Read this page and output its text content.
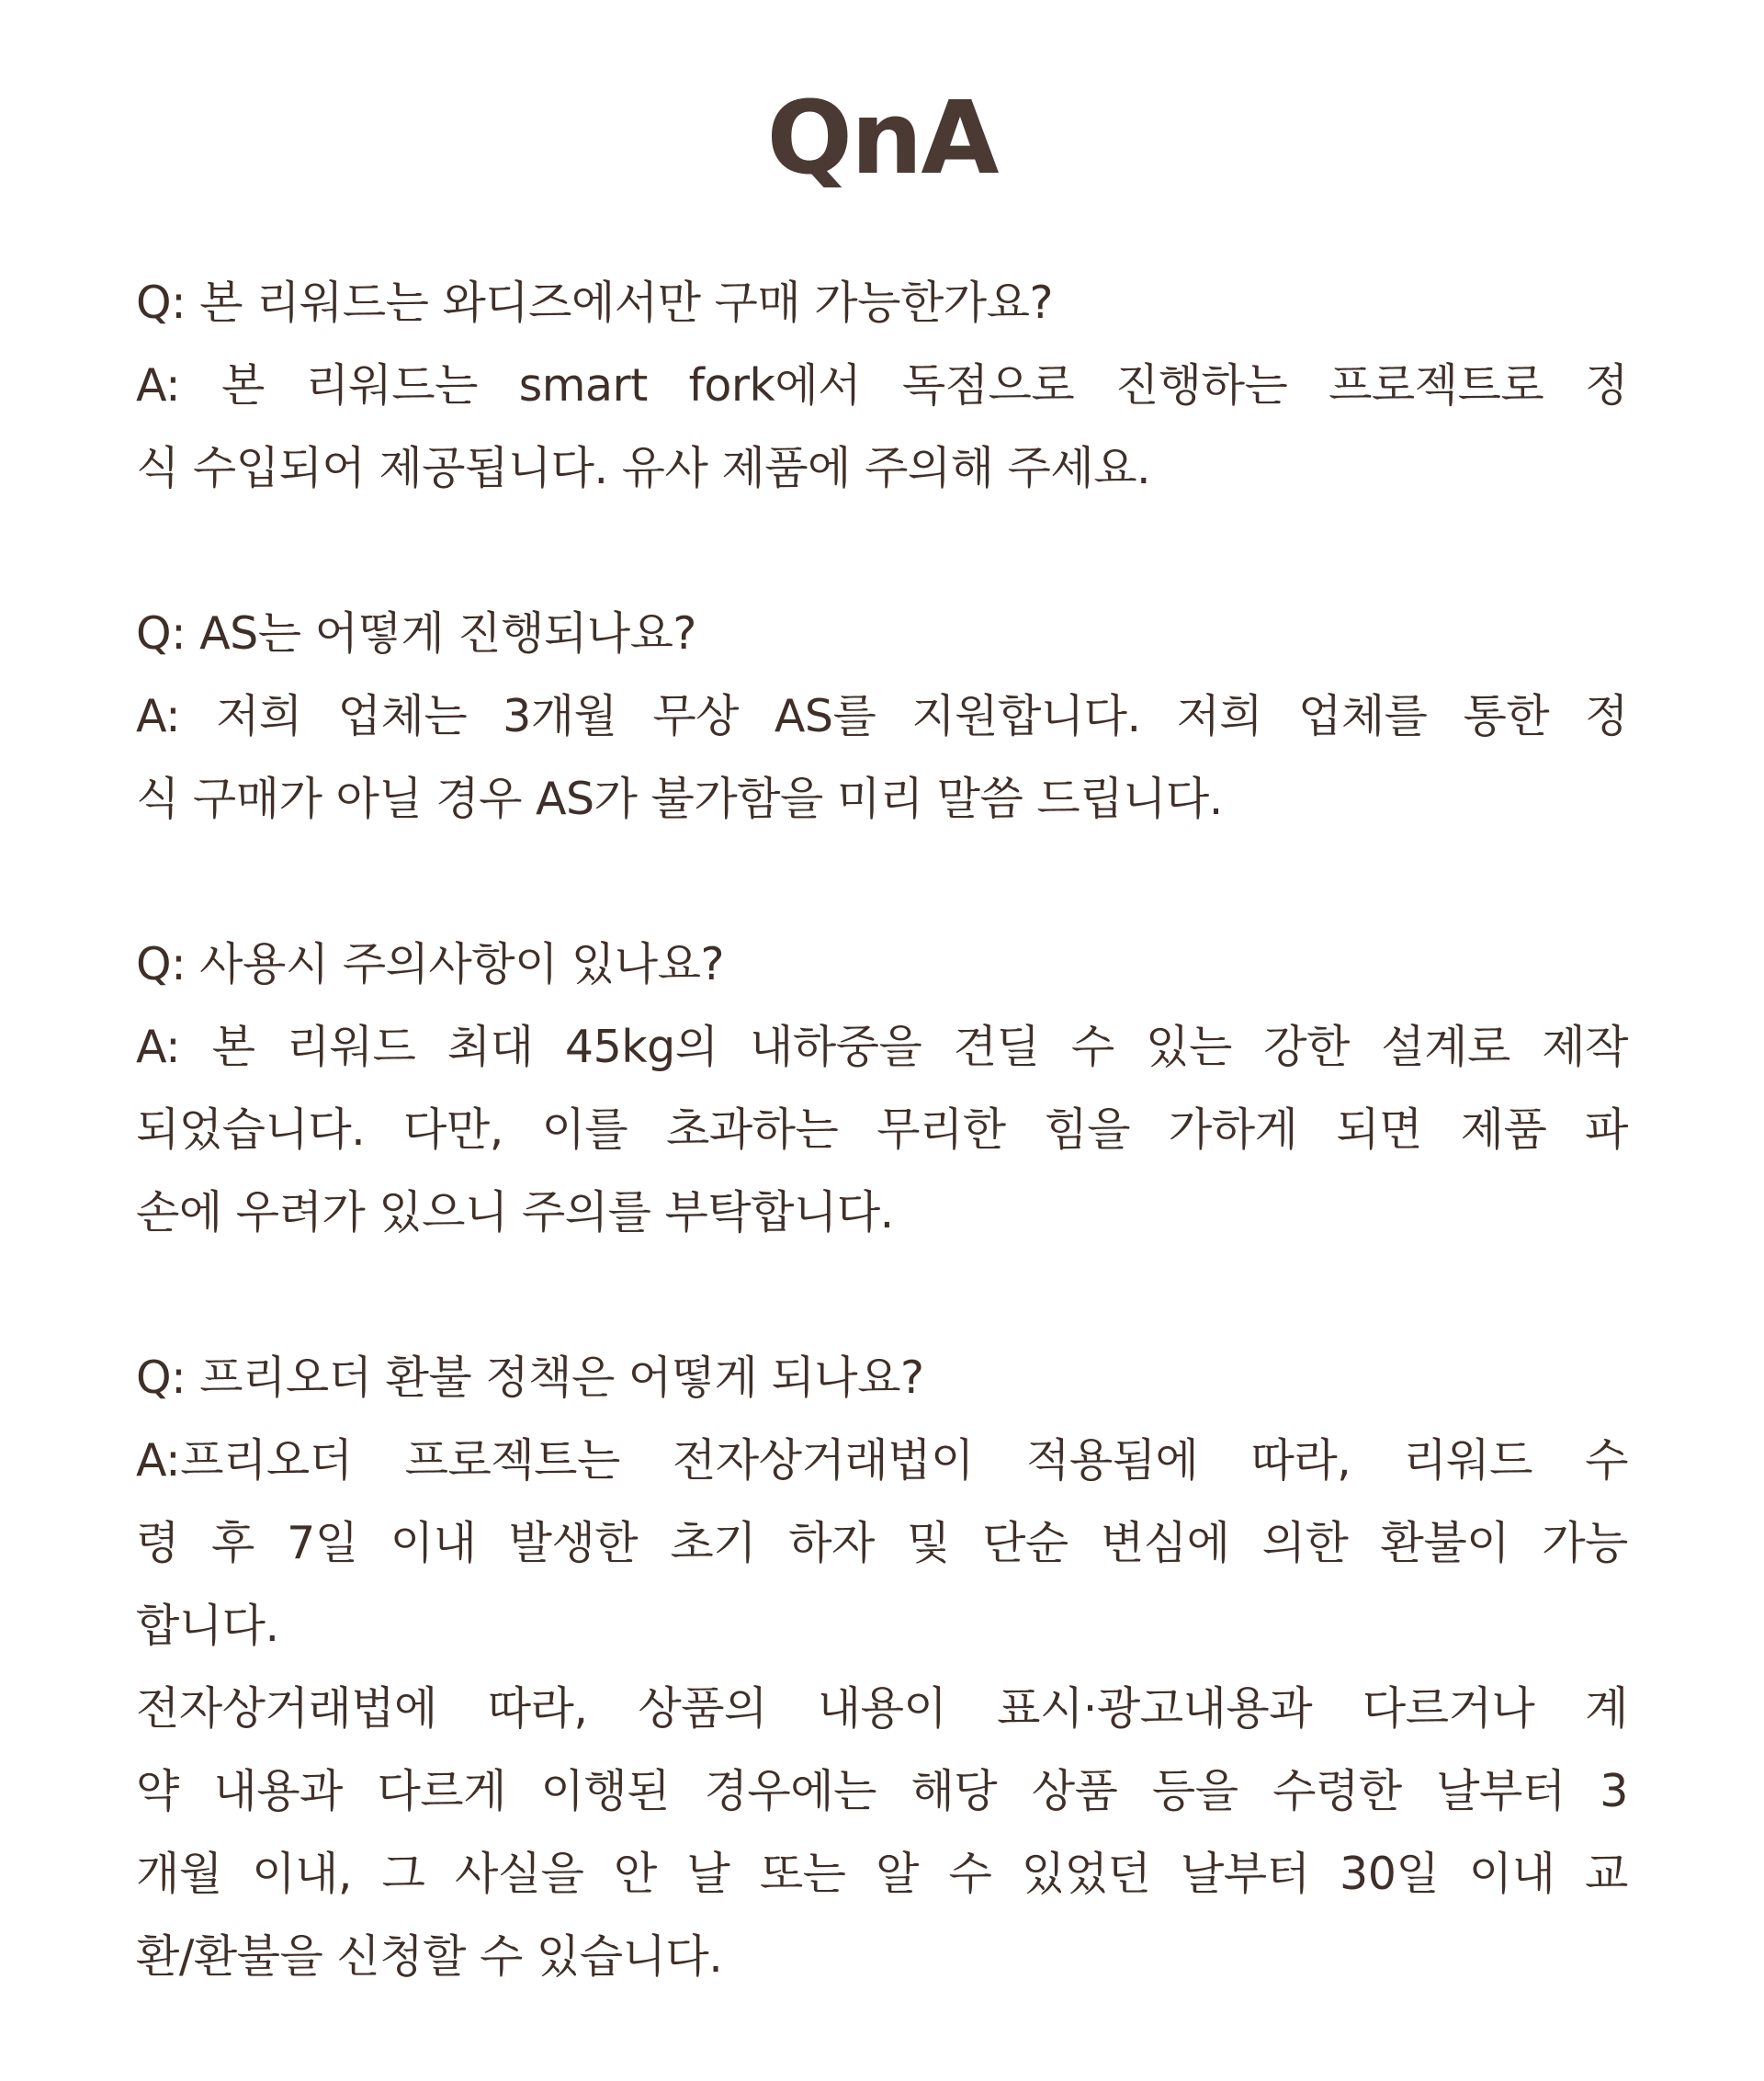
QnA

Q: 본 리워드는 와디즈에서만 구매 가능한가요?

A: 본 리워드는 smart fork에서 독점으로 진행하는 프로젝트로 정

식 수입되어 제공됩니다. 유사 제품에 주의해 주세요.

Q: AS는 어떻게 진행되나요?

A: 저희 업체는 3개월 무상 AS를 지원합니다. 저희 업체를 통한 정

식 구매가 아닐 경우 AS가 불가함을 미리 말씀 드립니다.

Q: 사용시 주의사항이 있나요?

A: 본 리워드 최대 45kg의 내하중을 견딜 수 있는 강한 설계로 제작

되었습니다. 다만, 이를 초과하는 무리한 힘을 가하게 되면 제품 파

손에 우려가 있으니 주의를 부탁합니다.

Q: 프리오더 환불 정책은 어떻게 되나요?

A:프리오더 프로젝트는 전자상거래법이 적용됨에 따라, 리워드 수

령 후 7일 이내 발생한 초기 하자 및 단순 변심에 의한 환불이 가능

합니다.

전자상거래법에 따라, 상품의 내용이 표시·광고내용과 다르거나 계

약 내용과 다르게 이행된 경우에는 해당 상품 등을 수령한 날부터 3

개월 이내, 그 사실을 안 날 또는 알 수 있었던 날부터 30일 이내 교

환/환불을 신청할 수 있습니다.
